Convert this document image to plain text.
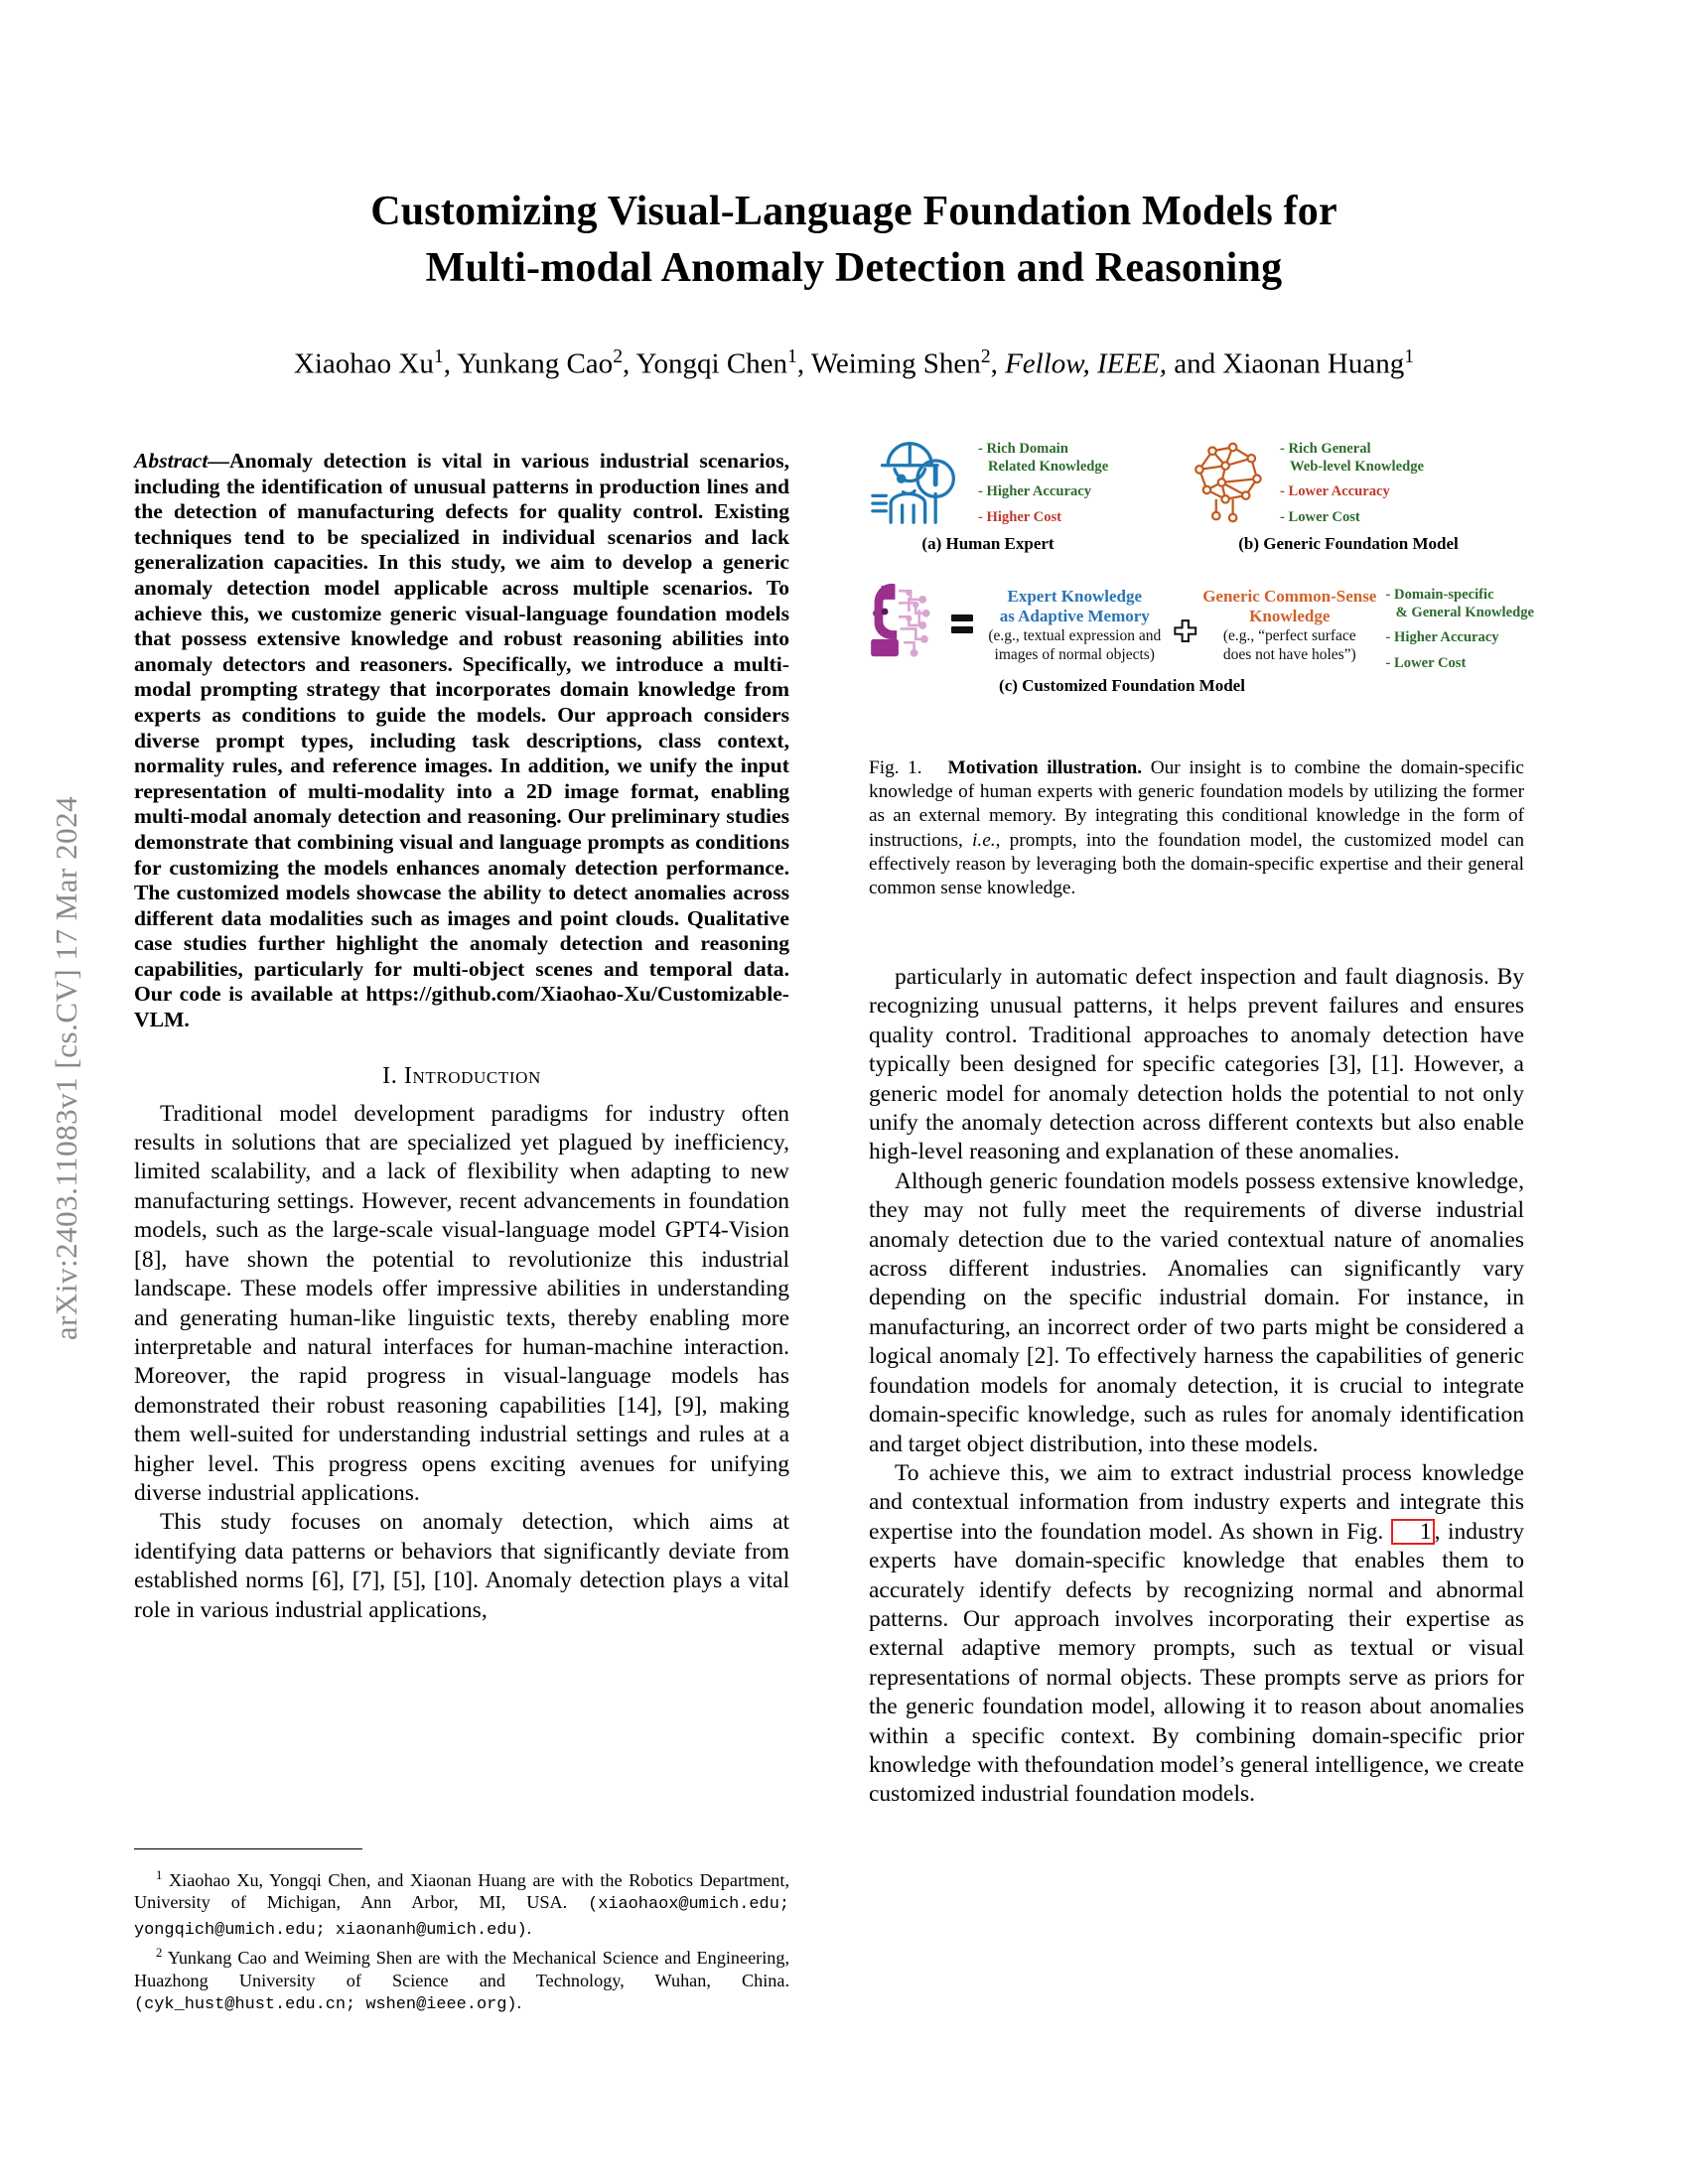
arXiv:2403.11083v1 [cs.CV] 17 Mar 2024
Customizing Visual-Language Foundation Models for
Multi-modal Anomaly Detection and Reasoning
Xiaohao Xu$^1$, Yunkang Cao$^2$, Yongqi Chen$^1$, Weiming Shen$^2$, Fellow, IEEE, and Xiaonan Huang$^1$
Abstract—Anomaly detection is vital in various industrial scenarios, including the identification of unusual patterns in production lines and the detection of manufacturing defects for quality control. Existing techniques tend to be specialized in individual scenarios and lack generalization capacities. In this study, we aim to develop a generic anomaly detection model applicable across multiple scenarios. To achieve this, we customize generic visual-language foundation models that possess extensive knowledge and robust reasoning abilities into anomaly detectors and reasoners. Specifically, we introduce a multi-modal prompting strategy that incorporates domain knowledge from experts as conditions to guide the models. Our approach considers diverse prompt types, including task descriptions, class context, normality rules, and reference images. In addition, we unify the input representation of multi-modality into a 2D image format, enabling multi-modal anomaly detection and reasoning. Our preliminary studies demonstrate that combining visual and language prompts as conditions for customizing the models enhances anomaly detection performance. The customized models showcase the ability to detect anomalies across different data modalities such as images and point clouds. Qualitative case studies further highlight the anomaly detection and reasoning capabilities, particularly for multi-object scenes and temporal data. Our code is available at https://github.com/Xiaohao-Xu/Customizable-VLM.
I. Introduction

Traditional model development paradigms for industry often results in solutions that are specialized yet plagued by inefficiency, limited scalability, and a lack of flexibility when adapting to new manufacturing settings. However, recent advancements in foundation models, such as the large-scale visual-language model GPT4-Vision [8], have shown the potential to revolutionize this industrial landscape. These models offer impressive abilities in understanding and generating human-like linguistic texts, thereby enabling more interpretable and natural interfaces for human-machine interaction. Moreover, the rapid progress in visual-language models has demonstrated their robust reasoning capabilities [14], [9], making them well-suited for understanding industrial settings and rules at a higher level. This progress opens exciting avenues for unifying diverse industrial applications.

This study focuses on anomaly detection, which aims at identifying data patterns or behaviors that significantly deviate from established norms [6], [7], [5], [10]. Anomaly detection plays a vital role in various industrial applications,

$^1$ Xiaohao Xu, Yongqi Chen, and Xiaonan Huang are with the Robotics Department, University of Michigan, Ann Arbor, MI, USA. (xiaohaox@umich.edu; yongqich@umich.edu; xiaonanh@umich.edu).
$^2$ Yunkang Cao and Weiming Shen are with the Mechanical Science and Engineering, Huazhong University of Science and Technology, Wuhan, China. (cyk_hust@hust.edu.cn; wshen@ieee.org).
- Rich Domain
Related Knowledge
- Higher Accuracy
- Higher Cost
(a) Human Expert
- Rich General
Web-level Knowledge
- Lower Accuracy
- Lower Cost
(b) Generic Foundation Model
Expert Knowledge
as Adaptive Memory
(e.g., textual expression and
images of normal objects)
Generic Common-Sense
Knowledge
(e.g., “perfect surface
does not have holes”)
- Domain-specific
& General Knowledge
- Higher Accuracy
- Lower Cost
(c) Customized Foundation Model
Fig. 1. Motivation illustration. Our insight is to combine the domain-specific knowledge of human experts with generic foundation models by utilizing the former as an external memory. By integrating this conditional knowledge in the form of instructions, i.e., prompts, into the foundation model, the customized model can effectively reason by leveraging both the domain-specific expertise and their general common sense knowledge.

particularly in automatic defect inspection and fault diagnosis. By recognizing unusual patterns, it helps prevent failures and ensures quality control. Traditional approaches to anomaly detection have typically been designed for specific categories [3], [1]. However, a generic model for anomaly detection holds the potential to not only unify the anomaly detection across different contexts but also enable high-level reasoning and explanation of these anomalies.

Although generic foundation models possess extensive knowledge, they may not fully meet the requirements of diverse industrial anomaly detection due to the varied contextual nature of anomalies across different industries. Anomalies can significantly vary depending on the specific industrial domain. For instance, in manufacturing, an incorrect order of two parts might be considered a logical anomaly [2]. To effectively harness the capabilities of generic foundation models for anomaly detection, it is crucial to integrate domain-specific knowledge, such as rules for anomaly identification and target object distribution, into these models.

To achieve this, we aim to extract industrial process knowledge and contextual information from industry experts and integrate this expertise into the foundation model. As shown in Fig. 1 , industry experts have domain-specific knowledge that enables them to accurately identify defects by recognizing normal and abnormal patterns. Our approach involves incorporating their expertise as external adaptive memory prompts, such as textual or visual representations of normal objects. These prompts serve as priors for the generic foundation model, allowing it to reason about anomalies within a specific context. By combining domain-specific prior knowledge with thefoundation model’s general intelligence, we create customized industrial foundation models.
